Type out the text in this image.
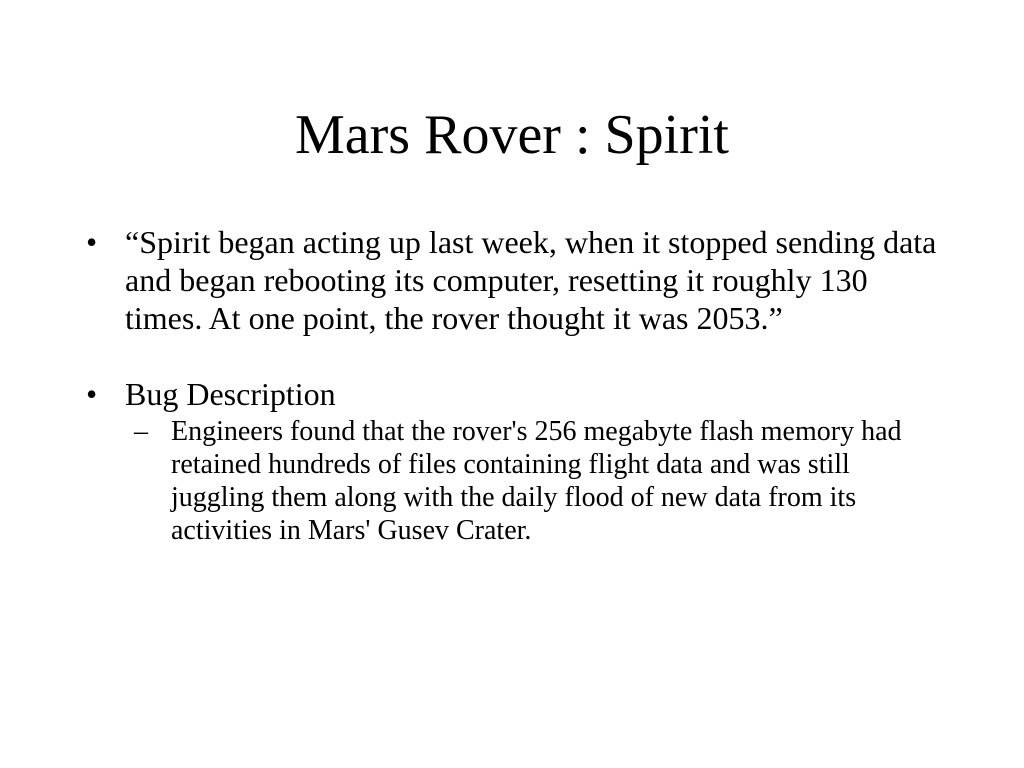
Mars Rover : Spirit
• “Spirit began acting up last week, when it stopped sending data and began rebooting its computer, resetting it roughly 130 times. At one point, the rover thought it was 2053.”
• Bug Description
– Engineers found that the rover's 256 megabyte flash memory had retained hundreds of files containing flight data and was still juggling them along with the daily flood of new data from its activities in Mars' Gusev Crater.
